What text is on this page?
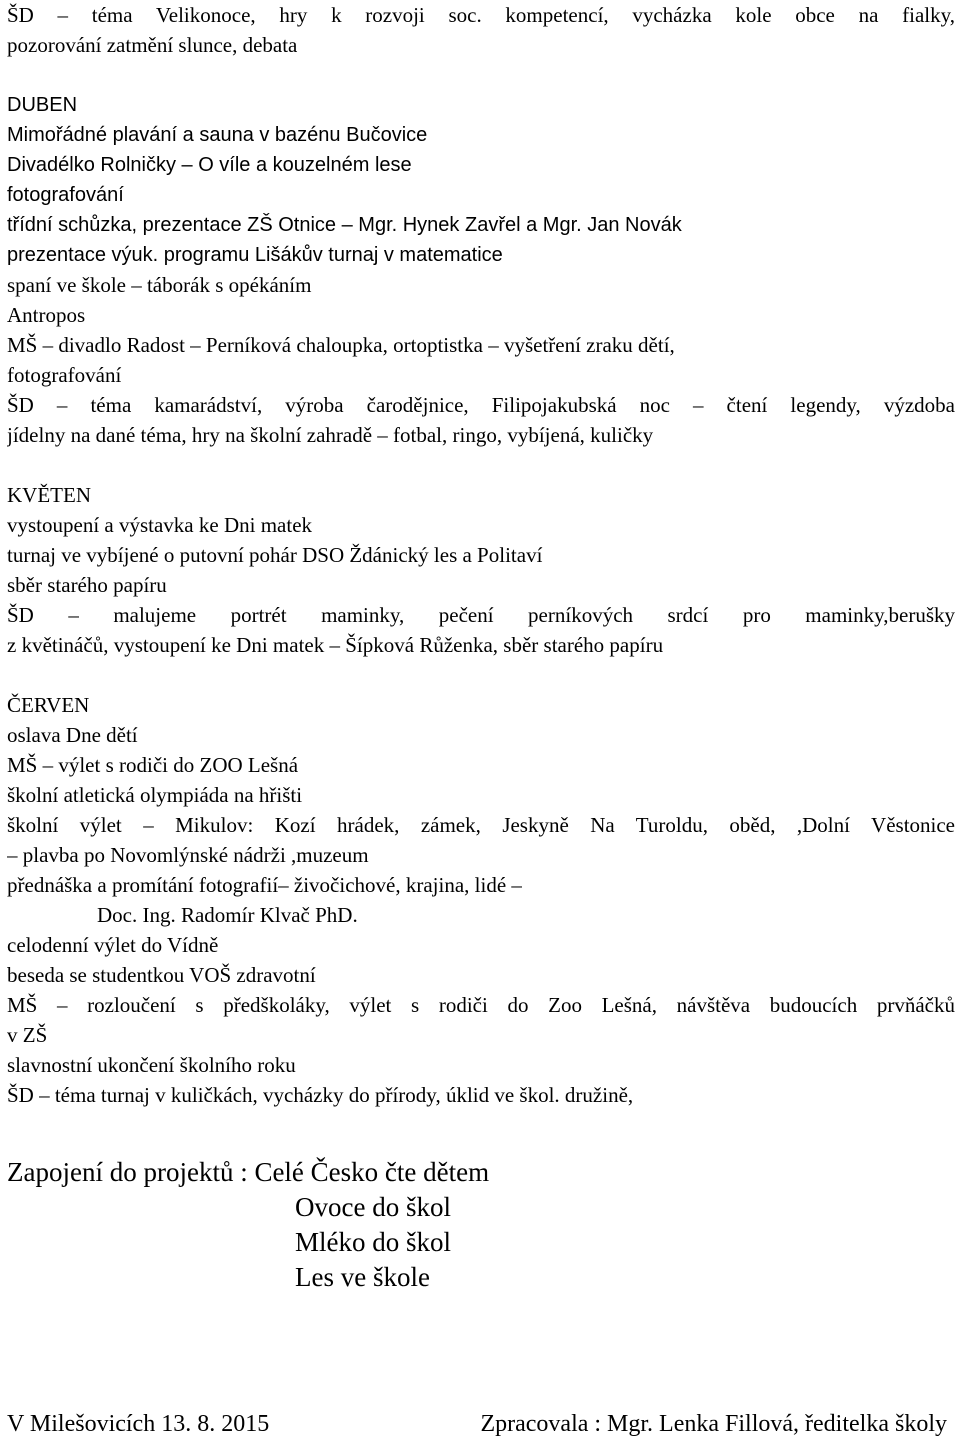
ŠD – téma Velikonoce, hry k rozvoji soc. kompetencí, vycházka kole obce na fialky,
pozorování zatmění slunce, debata
DUBEN
Mimořádné plavání a sauna v bazénu Bučovice
Divadélko Rolničky – O víle a kouzelném lese
fotografování
třídní schůzka, prezentace ZŠ Otnice – Mgr. Hynek Zavřel a Mgr. Jan Novák
prezentace výuk. programu Lišákův turnaj v matematice
spaní ve škole – táborák s opékáním
Antropos
MŠ – divadlo Radost – Perníková chaloupka, ortoptistka – vyšetření zraku dětí,
fotografování
ŠD – téma kamarádství, výroba čarodějnice, Filipojakubská noc – čtení legendy, výzdoba
jídelny na dané téma, hry na školní zahradě – fotbal, ringo, vybíjená, kuličky
KVĚTEN
vystoupení a výstavka ke Dni matek
turnaj ve vybíjené o putovní pohár DSO Ždánický les a Politaví
sběr starého papíru
ŠD – malujeme portrét maminky, pečení perníkových srdcí pro maminky,berušky
z květináčů, vystoupení ke Dni matek – Šípková Růženka, sběr starého papíru
ČERVEN
oslava Dne dětí
MŠ – výlet s rodiči do ZOO Lešná
školní atletická olympiáda na hřišti
školní výlet – Mikulov: Kozí hrádek, zámek, Jeskyně Na Turoldu, oběd, ,Dolní Věstonice
– plavba po Novomlýnské nádrži ,muzeum
přednáška a promítání fotografií– živočichové, krajina, lidé –
Doc. Ing. Radomír Klvač PhD.
celodenní výlet do Vídně
beseda se studentkou VOŠ zdravotní
MŠ – rozloučení s předškoláky, výlet s rodiči do Zoo Lešná, návštěva budoucích prvňáčků
v ZŠ
slavnostní ukončení školního roku
ŠD – téma turnaj v kuličkách, vycházky do přírody, úklid ve škol. družině,
Zapojení do projektů : Celé Česko čte dětem
Ovoce do škol
Mléko do škol
Les ve škole
V Milešovicích 13. 8. 2015	Zpracovala : Mgr. Lenka Fillová, ředitelka školy
